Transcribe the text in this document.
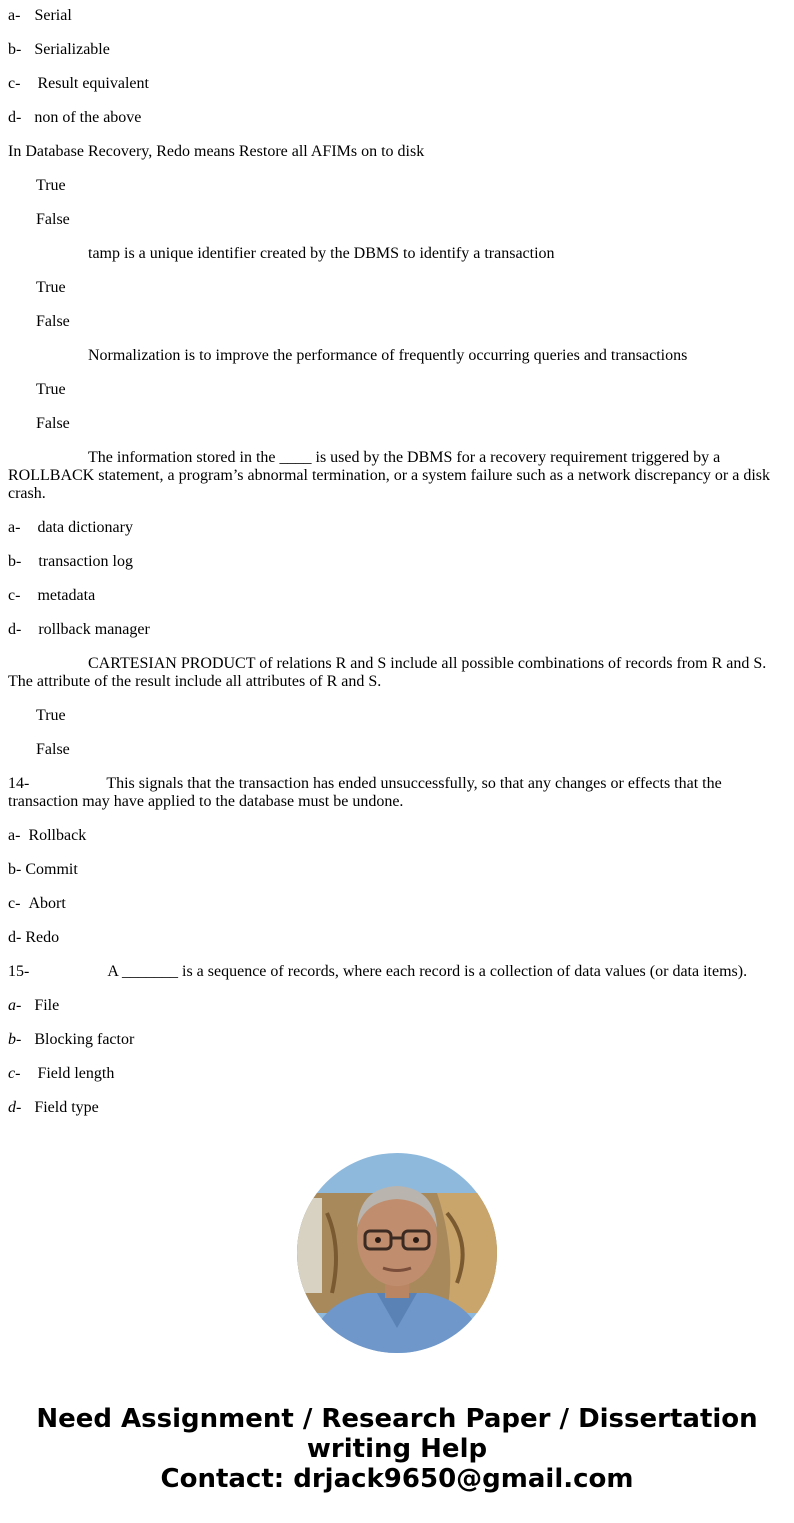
a- Serial
b- Serializable
c- Result equivalent
d- non of the above
In Database Recovery, Redo means Restore all AFIMs on to disk
True
False
tamp is a unique identifier created by the DBMS to identify a transaction
True
False
Normalization is to improve the performance of frequently occurring queries and transactions
True
False
The information stored in the ____ is used by the DBMS for a recovery requirement triggered by a ROLLBACK statement, a program’s abnormal termination, or a system failure such as a network discrepancy or a disk crash.
a- data dictionary
b- transaction log
c- metadata
d- rollback manager
CARTESIAN PRODUCT of relations R and S include all possible combinations of records from R and S. The attribute of the result include all attributes of R and S.
True
False
14-	This signals that the transaction has ended unsuccessfully, so that any changes or effects that the transaction may have applied to the database must be undone.
a- Rollback
b- Commit
c- Abort
d- Redo
15-	A _______ is a sequence of records, where each record is a collection of data values (or data items).
a- File
b- Blocking factor
c- Field length
d- Field type
Need Assignment / Research Paper / Dissertation
writing Help
Contact: drjack9650@gmail.com
